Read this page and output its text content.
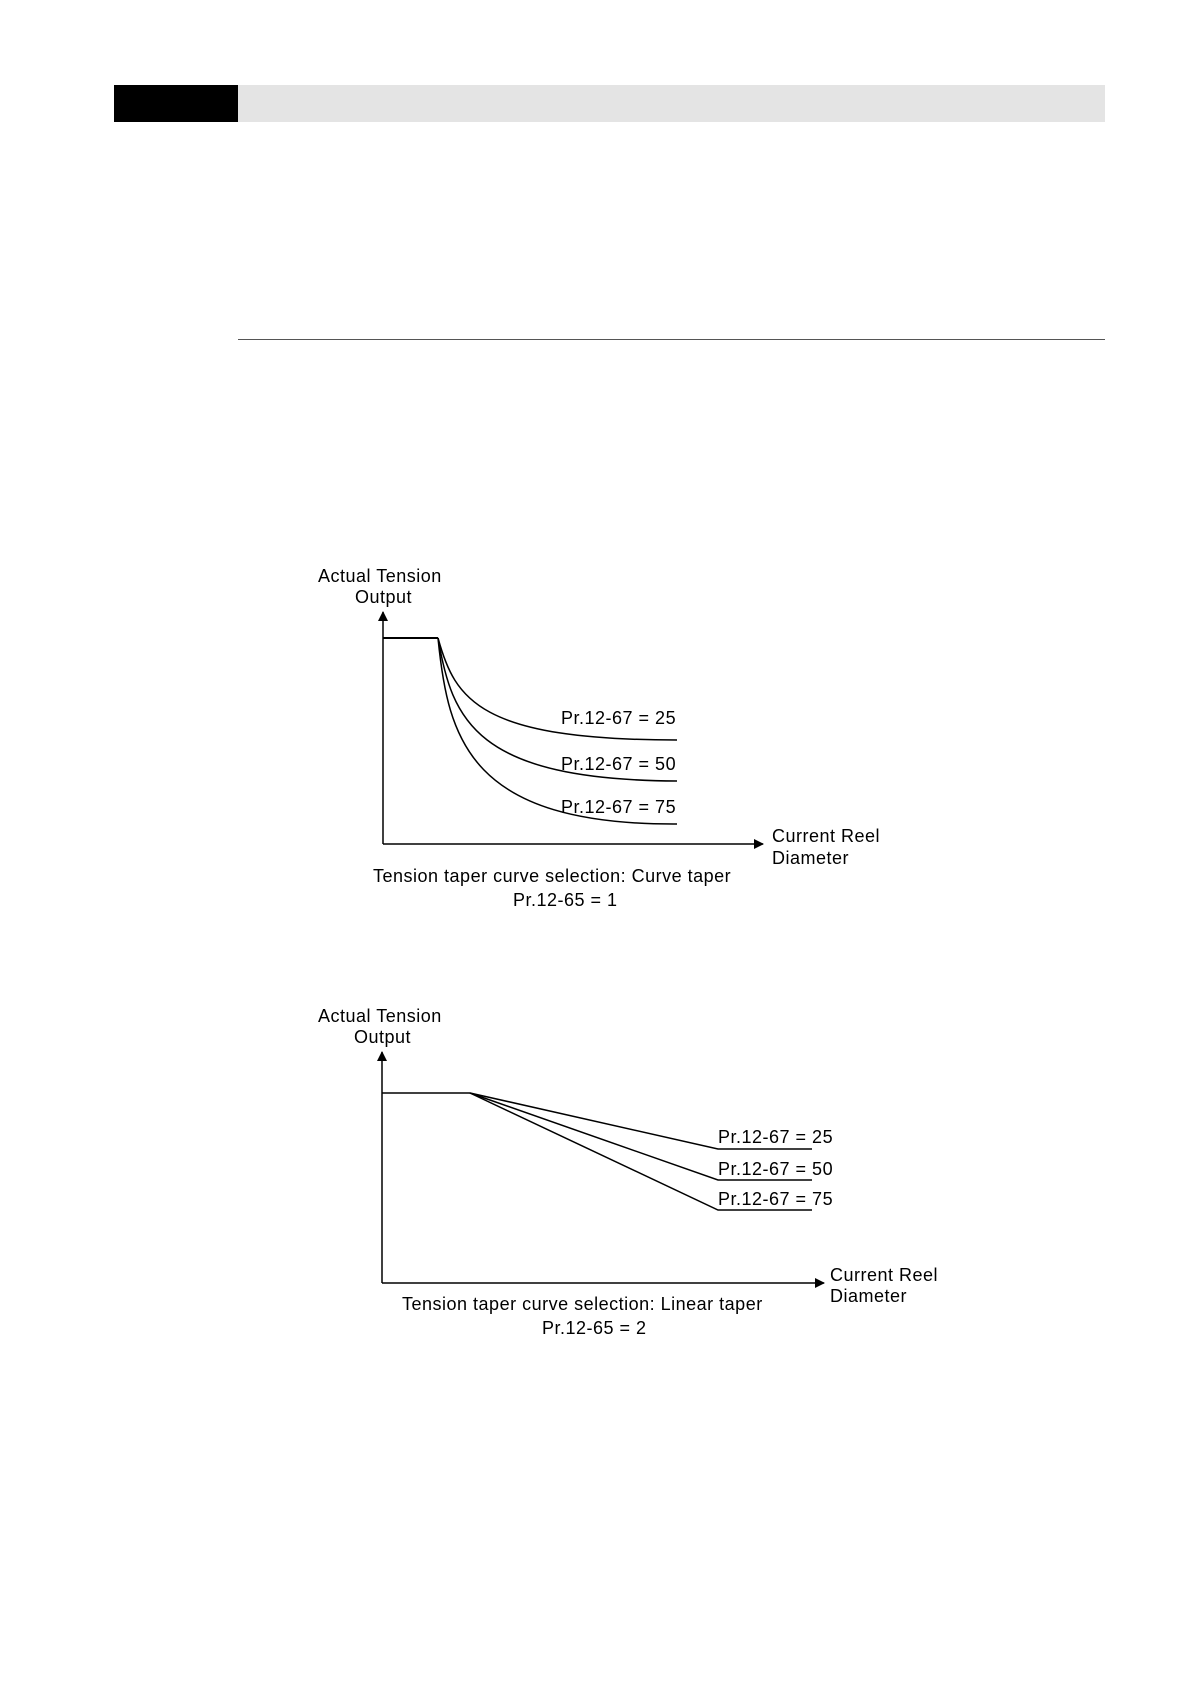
Actual Tension
Output
Pr.12-67 = 25
Pr.12-67 = 50
Pr.12-67 = 75
Current Reel
Diameter
Tension taper curve selection: Curve taper
Pr.12-65 = 1
Actual Tension
Output
Pr.12-67 = 25
Pr.12-67 = 50
Pr.12-67 = 75
Current Reel
Diameter
Tension taper curve selection: Linear taper
Pr.12-65 = 2
